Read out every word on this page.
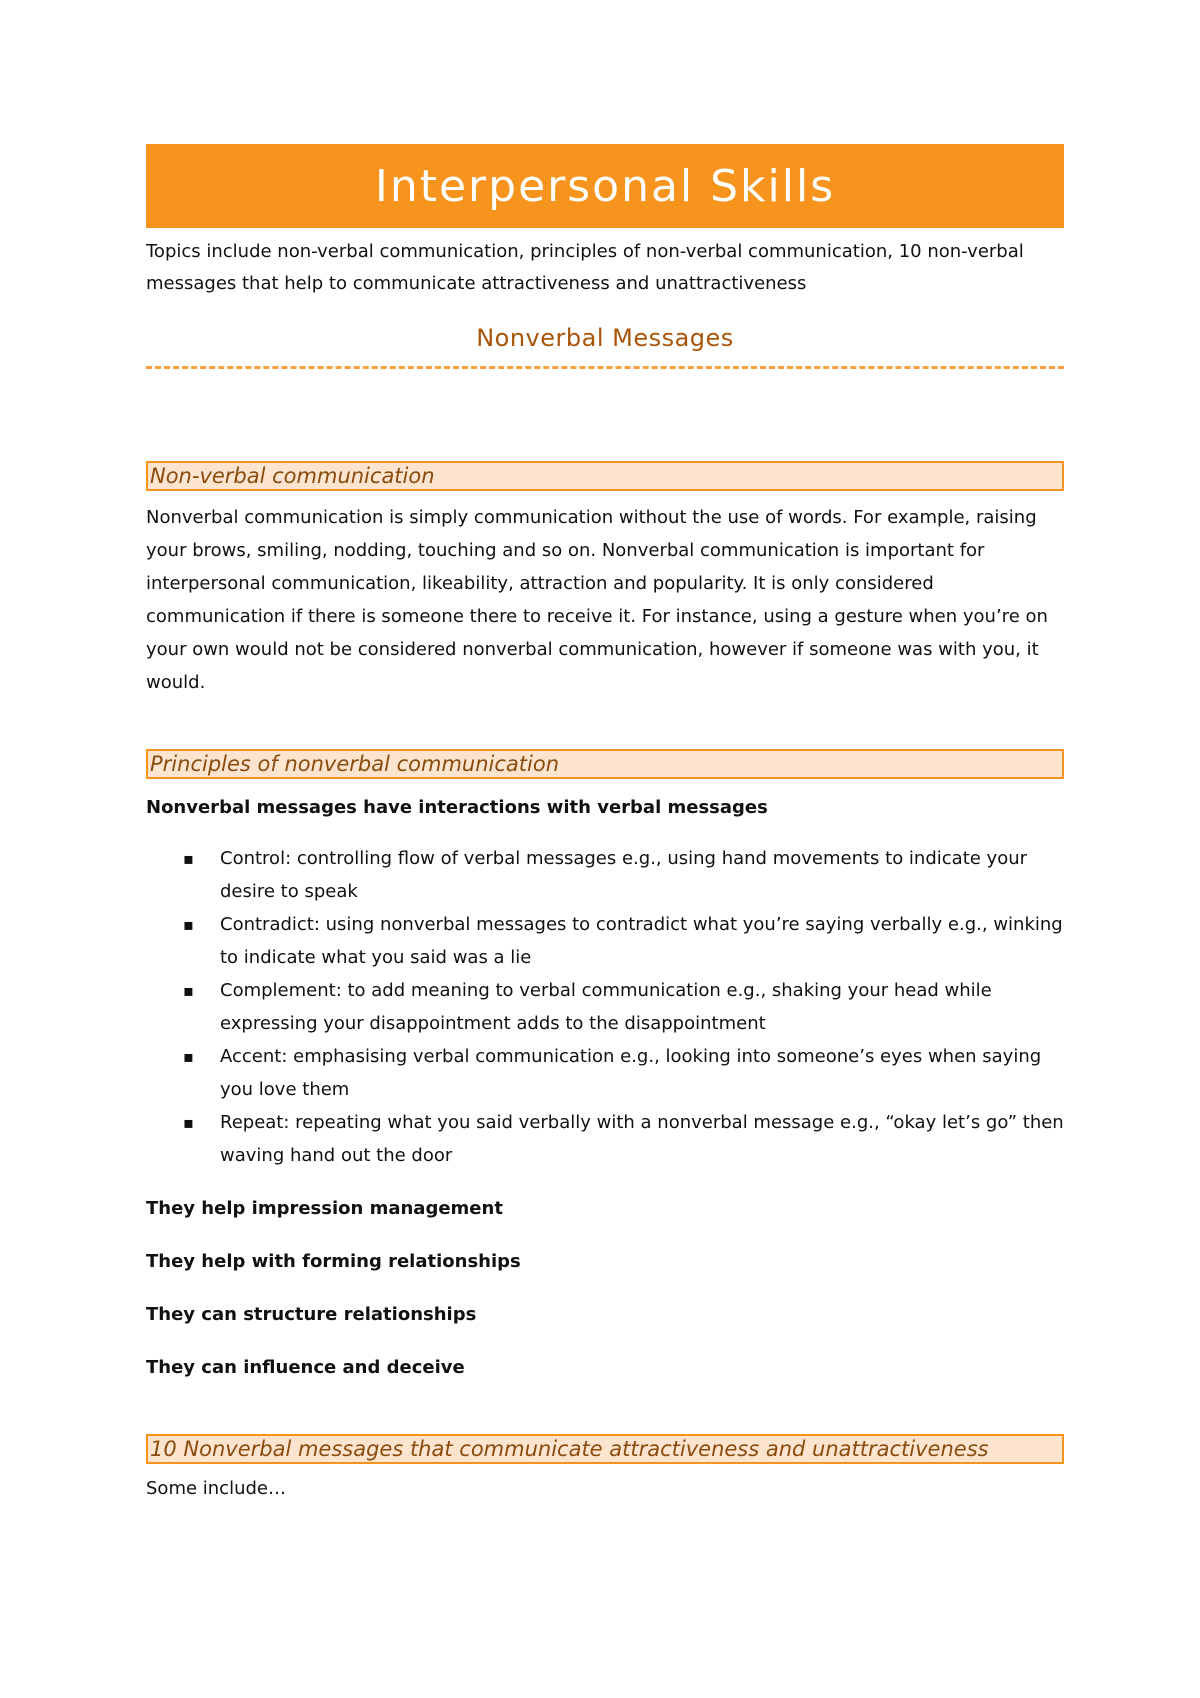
Interpersonal Skills
Topics include non-verbal communication, principles of non-verbal communication, 10 non-verbal messages that help to communicate attractiveness and unattractiveness
Nonverbal Messages
Non-verbal communication
Nonverbal communication is simply communication without the use of words. For example, raising your brows, smiling, nodding, touching and so on. Nonverbal communication is important for interpersonal communication, likeability, attraction and popularity. It is only considered communication if there is someone there to receive it. For instance, using a gesture when you’re on your own would not be considered nonverbal communication, however if someone was with you, it would.
Principles of nonverbal communication
Nonverbal messages have interactions with verbal messages
▪ Control: controlling flow of verbal messages e.g., using hand movements to indicate your desire to speak
▪ Contradict: using nonverbal messages to contradict what you’re saying verbally e.g., winking to indicate what you said was a lie
▪ Complement: to add meaning to verbal communication e.g., shaking your head while expressing your disappointment adds to the disappointment
▪ Accent: emphasising verbal communication e.g., looking into someone’s eyes when saying you love them
▪ Repeat: repeating what you said verbally with a nonverbal message e.g., “okay let’s go” then waving hand out the door
They help impression management
They help with forming relationships
They can structure relationships
They can influence and deceive
10 Nonverbal messages that communicate attractiveness and unattractiveness
Some include…
